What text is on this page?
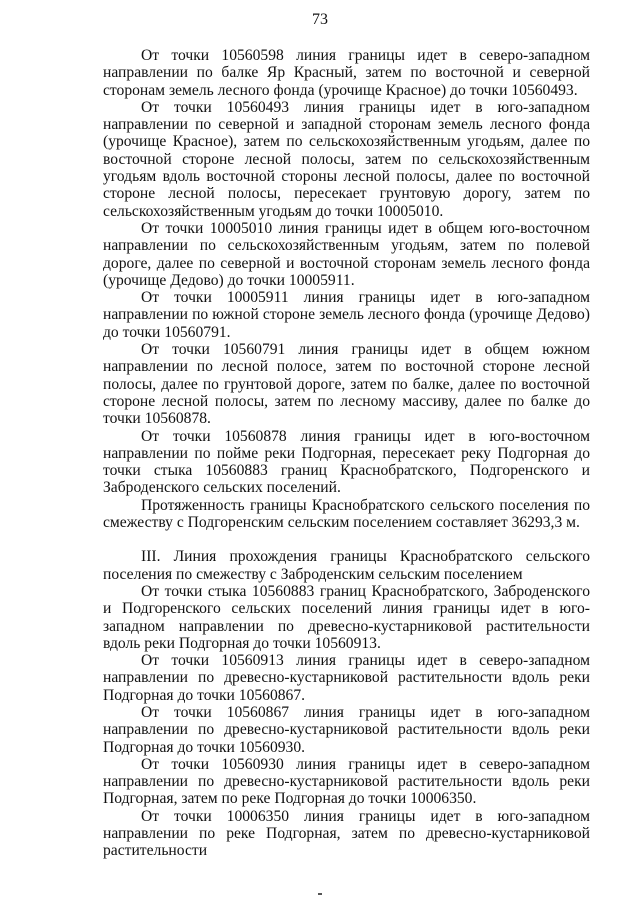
73

От точки 10560598 линия границы идет в северо-западном направлении по балке Яр Красный, затем по восточной и северной сторонам земель лесного фонда (урочище Красное) до точки 10560493.

От точки 10560493 линия границы идет в юго-западном направлении по северной и западной сторонам земель лесного фонда (урочище Красное), затем по сельскохозяйственным угодьям, далее по восточной стороне лесной полосы, затем по сельскохозяйственным угодьям вдоль восточной стороны лесной полосы, далее по восточной стороне лесной полосы, пересекает грунтовую дорогу, затем по сельскохозяйственным угодьям до точки 10005010.

От точки 10005010 линия границы идет в общем юго-восточном направлении по сельскохозяйственным угодьям, затем по полевой дороге, далее по северной и восточной сторонам земель лесного фонда (урочище Дедово) до точки 10005911.

От точки 10005911 линия границы идет в юго-западном направлении по южной стороне земель лесного фонда (урочище Дедово) до точки 10560791.

От точки 10560791 линия границы идет в общем южном направлении по лесной полосе, затем по восточной стороне лесной полосы, далее по грунтовой дороге, затем по балке, далее по восточной стороне лесной полосы, затем по лесному массиву, далее по балке до точки 10560878.

От точки 10560878 линия границы идет в юго-восточном направлении по пойме реки Подгорная, пересекает реку Подгорная до точки стыка 10560883 границ Краснобратского, Подгоренского и Заброденского сельских поселений.

Протяженность границы Краснобратского сельского поселения по смежеству с Подгоренским сельским поселением составляет 36293,3 м.

III. Линия прохождения границы Краснобратского сельского поселения по смежеству с Заброденским сельским поселением

От точки стыка 10560883 границ Краснобратского, Заброденского и Подгоренского сельских поселений линия границы идет в юго-западном направлении по древесно-кустарниковой растительности вдоль реки Подгорная до точки 10560913.

От точки 10560913 линия границы идет в северо-западном направлении по древесно-кустарниковой растительности вдоль реки Подгорная до точки 10560867.

От точки 10560867 линия границы идет в юго-западном направлении по древесно-кустарниковой растительности вдоль реки Подгорная до точки 10560930.

От точки 10560930 линия границы идет в северо-западном направлении по древесно-кустарниковой растительности вдоль реки Подгорная, затем по реке Подгорная до точки 10006350.

От точки 10006350 линия границы идет в юго-западном направлении по реке Подгорная, затем по древесно-кустарниковой растительности
